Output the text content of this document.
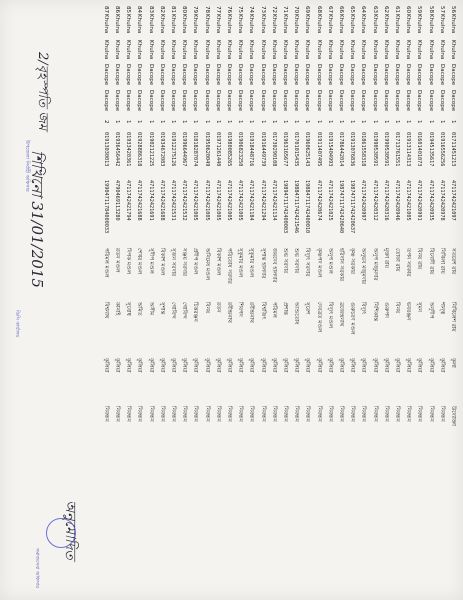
56
Khulna
Khulna
Dacope
Dacope
1
01711451213
4711742421097
সতরেশ রায়
নিখিলেশ রায়
কুলা
উদ্যোক্তা
57
Khulna
Khulna
Dacope
Dacope
1
01916556256
4711742420978
নিখিলা রায়
শান্ত্ব
কুলিয়া
নিবন্ধন
58
Khulna
Khulna
Dacope
Dacope
1
01945135617
4711742420935
বিনোদী রায়
অনুদীপ
কুলিয়া
নিবন্ধন
59
Khulna
Khulna
Dacope
Dacope
1
01601401073
4711742420991
বিনয় রায়
সুমন
কুলিয়া
নিবন্ধন
60
Khulna
Khulna
Dacope
Dacope
1
01913114313
4711742421005
তপন সরকার
ভবরঞ্জন
কুলিয়া
নিবন্ধন
61
Khulna
Khulna
Dacope
Dacope
1
01713761551
4711742420946
তোফা রায়
বিনয়
কুলিয়া
নিবন্ধন
62
Khulna
Khulna
Dacope
Dacope
1
01990530591
4711742420316
মুক্তা রায়
গুরুপদ
কুলিয়া
নিবন্ধন
63
Khulna
Khulna
Dacope
Dacope
1
01990530591
4711742420312
অনুপ মজুমদার
নিশিকান্ত
কুলিয়া
নিবন্ধন
64
Khulna
Khulna
Dacope
Dacope
1
01861558318
4711742420997
অনুভব মজুমদার
বিদ্যুৎ
কুলিয়া
নিবন্ধন
65
Khulna
Khulna
Dacope
Dacope
1
01913076836
19874711742420637
কৃষ্ণ সরকার
গুরুচরণ মণ্ডল
কুলিয়া
নিবন্ধন
66
Khulna
Khulna
Dacope
Dacope
1
01786442014
19874711742420640
হরিদাস সরকার
ব্রজেন্দ্রনাথ
কুলিয়া
নিবন্ধন
67
Khulna
Khulna
Dacope
Dacope
1
01915404993
4711742421025
অনুপ মণ্ডল
বিদ্যুৎ মণ্ডল
কুলিয়া
নিবন্ধন
68
Khulna
Khulna
Dacope
Dacope
1
01911407495
4711742420674
কৃষ্ণপদ মণ্ডল
দেবব্রত মণ্ডল
কুলিয়া
নিবন্ধন
69
Khulna
Khulna
Dacope
Dacope
1
01960625143
19884711742400010
বিদ্যুৎ সরদার
সুরেশ
কুলিয়া
নিবন্ধন
70
Khulna
Khulna
Dacope
Dacope
1
01701015435
19884711742421546
শুভ সরদার
আশুতোষ
কুলিয়া
নিবন্ধন
71
Khulna
Khulna
Dacope
Dacope
1
01963165677
19894711742400003
শুভ সরদার
প্রশান্ত
কুলিয়া
নিবন্ধন
72
Khulna
Khulna
Dacope
Dacope
1
01730290108
4711742421134
জয়দেব হালদার
পরিমল
কুলিয়া
নিবন্ধন
73
Khulna
Khulna
Dacope
Dacope
1
01916449739
4711742421294
সুশান্ত হালদার
বিশ্বজিৎ
কুলিয়া
নিবন্ধন
74
Khulna
Khulna
Dacope
Dacope
1
01918448716
4711742421184
সুকুমার মণ্ডল
রবীন্দ্রনাথ
কুলিয়া
নিবন্ধন
75
Khulna
Khulna
Dacope
Dacope
1
01906823250
4711742421005
সুকুমার মণ্ডল
শিবপদ
কুলিয়া
নিবন্ধন
76
Khulna
Khulna
Dacope
Dacope
1
01980085265
4711742421005
পরিতোষ সরদার
রবীন্দ্রনাথ
কুলিয়া
নিবন্ধন
77
Khulna
Khulna
Dacope
Dacope
1
01971261440
4711742421005
বিকাশ মণ্ডল
রতন
কুলিয়া
নিবন্ধন
78
Khulna
Khulna
Dacope
Dacope
1
01950620049
4711742421005
অনিমেষ মণ্ডল
বিনয়
কুলিয়া
নিবন্ধন
79
Khulna
Khulna
Dacope
Dacope
1
01818287074
4711742421005
প্রদীপ মণ্ডল
চিত্তরঞ্জন
কুলিয়া
নিবন্ধন
80
Khulna
Khulna
Dacope
Dacope
1
01996644967
4711742421532
সঞ্জয় সরদার
গোবিন্দ
কুলিয়া
নিবন্ধন
81
Khulna
Khulna
Dacope
Dacope
1
01912275126
4711742421531
সুজন সরদার
গোবিন্দ
কুলিয়া
নিবন্ধন
82
Khulna
Khulna
Dacope
Dacope
1
01934672083
4711742421688
বিকাশ মণ্ডল
সুশান্ত
কুলিয়া
নিবন্ধন
83
Khulna
Khulna
Dacope
Dacope
1
01902121225
4711742421691
সুদীপ মণ্ডল
অসীম
কুলিয়া
নিবন্ধন
84
Khulna
Khulna
Dacope
Dacope
1
01928886318
4711742421688
শেখর মণ্ডল
অমিত
কুলিয়া
নিবন্ধন
85
Khulna
Khulna
Dacope
Dacope
1
01933420361
4711742421794
দিপক মণ্ডল
সুবোধ
কুলিয়া
নিবন্ধন
86
Khulna
Khulna
Dacope
Dacope
1
01936456442
4790469113280
রতন মণ্ডল
কানাই
কুলিয়া
নিবন্ধন
87
Khulna
Khulna
Dacope
Dacope
2
01913030013
19904711784000033
পরিমল মণ্ডল
বিশ্বনাথ
কুলিয়া
নিবন্ধন
2/বৃহস্পতি জম
শিখিনো 31/01/2015
অনুমোদিত
উপজেলা নির্বাহী অফিসার
ডিসি কার্যালয়
সমাজসেবা অফিসার
